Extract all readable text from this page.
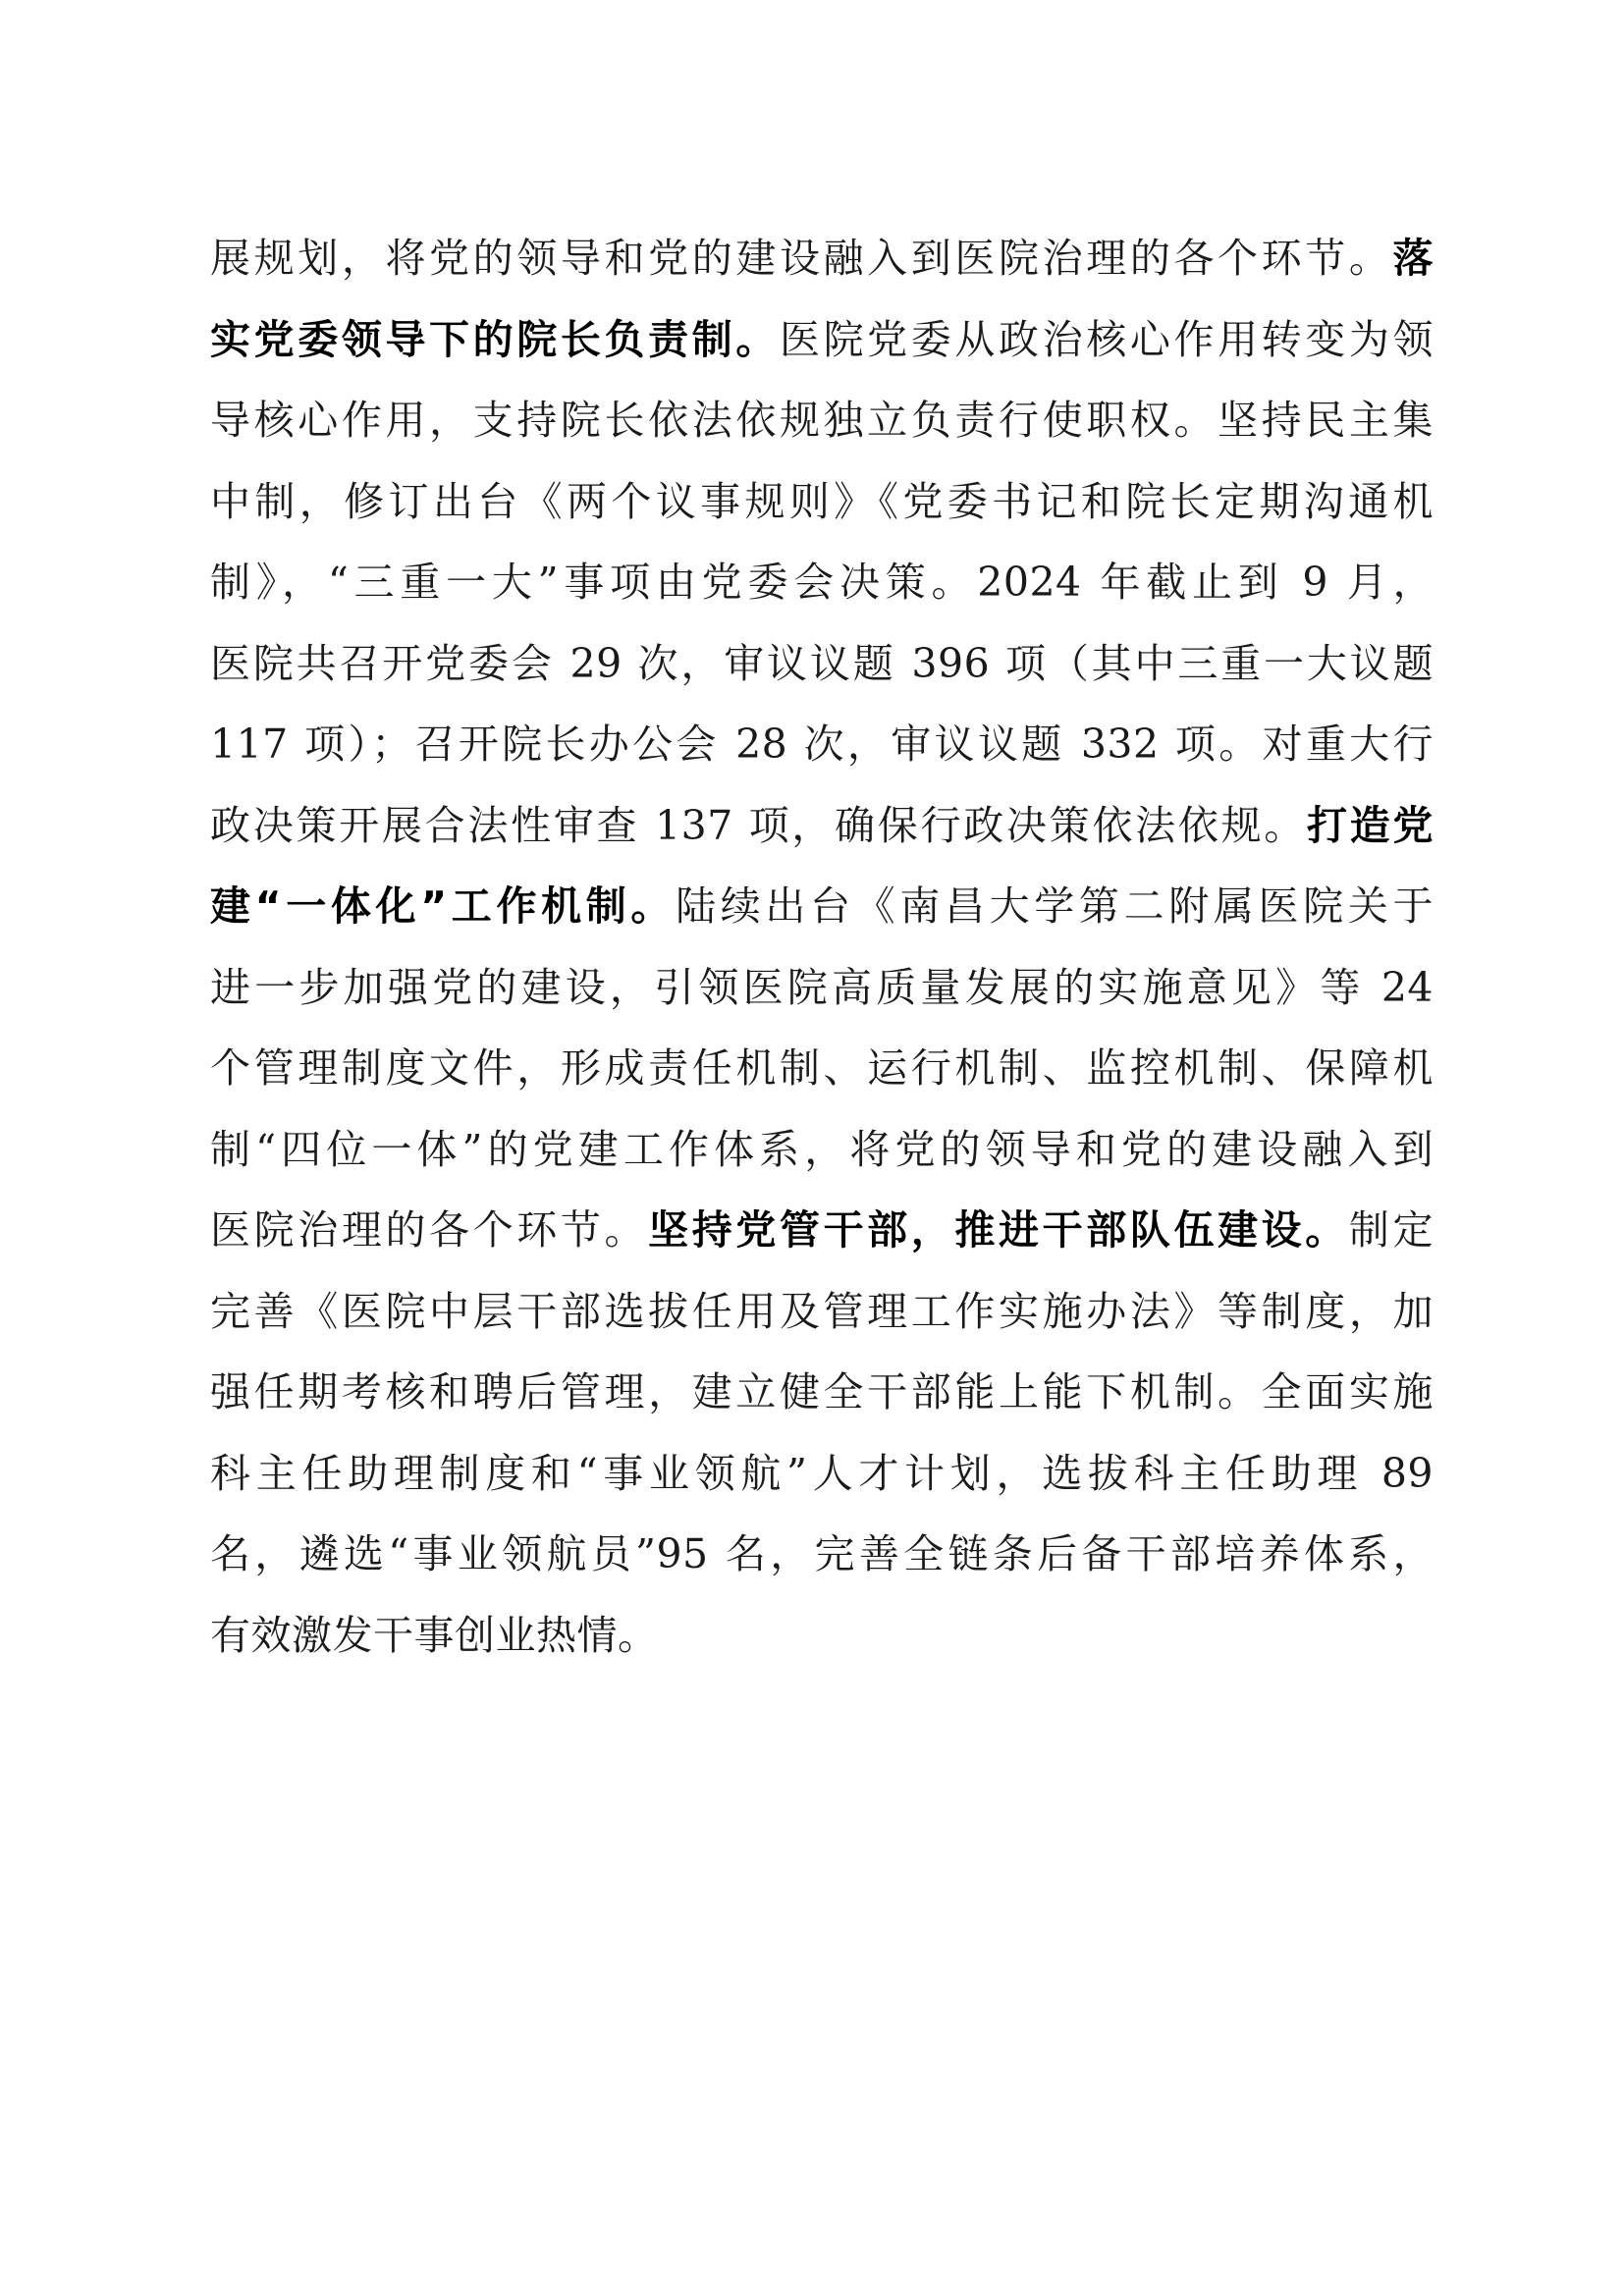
展规划，将党的领导和党的建设融入到医院治理的各个环节。落
实党委领导下的院长负责制。医院党委从政治核心作用转变为领
导核心作用，支持院长依法依规独立负责行使职权。坚持民主集
中制，修订出台《两个议事规则》《党委书记和院长定期沟通机
制》，“三重一大”事项由党委会决策。2024 年截止到 9 月，
医院共召开党委会 29 次，审议议题 396 项（其中三重一大议题
117 项）；召开院长办公会 28 次，审议议题 332 项。对重大行
政决策开展合法性审查 137 项，确保行政决策依法依规。打造党
建“一体化”工作机制。陆续出台《南昌大学第二附属医院关于
进一步加强党的建设，引领医院高质量发展的实施意见》等 24
个管理制度文件，形成责任机制、运行机制、监控机制、保障机
制“四位一体”的党建工作体系，将党的领导和党的建设融入到
医院治理的各个环节。坚持党管干部，推进干部队伍建设。制定
完善《医院中层干部选拔任用及管理工作实施办法》等制度，加
强任期考核和聘后管理，建立健全干部能上能下机制。全面实施
科主任助理制度和“事业领航”人才计划，选拔科主任助理 89
名，遴选“事业领航员”95 名，完善全链条后备干部培养体系，
有效激发干事创业热情。
